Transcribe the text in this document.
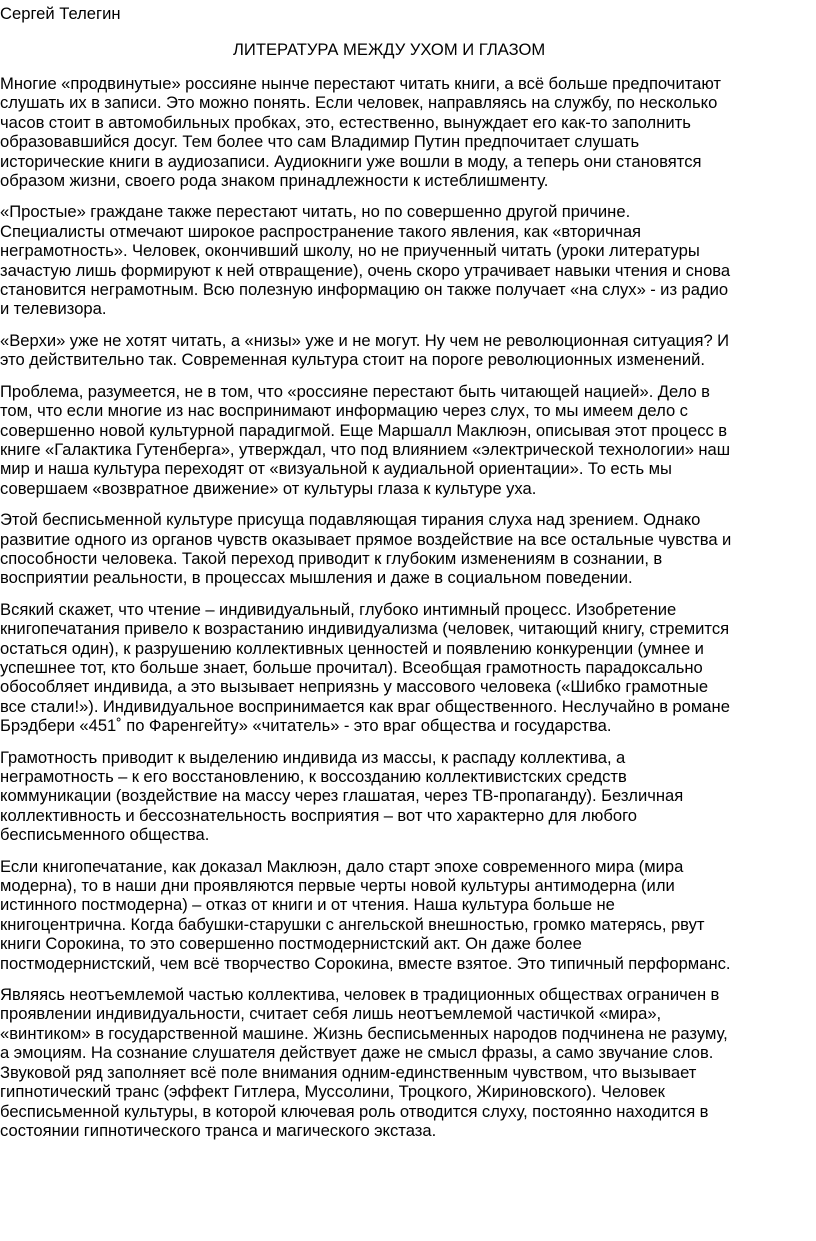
Сергей Телегин

ЛИТЕРАТУРА МЕЖДУ УХОМ И ГЛАЗОМ

Многие «продвинутые» россияне нынче перестают читать книги, а всё больше предпочитают
слушать их в записи. Это можно понять. Если человек, направляясь на службу, по несколько
часов стоит в автомобильных пробках, это, естественно, вынуждает его как-то заполнить
образовавшийся досуг. Тем более что сам Владимир Путин предпочитает слушать
исторические книги в аудиозаписи. Аудиокниги уже вошли в моду, а теперь они становятся
образом жизни, своего рода знаком принадлежности к истеблишменту.

«Простые» граждане также перестают читать, но по совершенно другой причине.
Специалисты отмечают широкое распространение такого явления, как «вторичная
неграмотность». Человек, окончивший школу, но не приученный читать (уроки литературы
зачастую лишь формируют к ней отвращение), очень скоро утрачивает навыки чтения и снова
становится неграмотным. Всю полезную информацию он также получает «на слух» - из радио
и телевизора.

«Верхи» уже не хотят читать, а «низы» уже и не могут. Ну чем не революционная ситуация? И
это действительно так. Современная культура стоит на пороге революционных изменений.

Проблема, разумеется, не в том, что «россияне перестают быть читающей нацией». Дело в
том, что если многие из нас воспринимают информацию через слух, то мы имеем дело с
совершенно новой культурной парадигмой. Еще Маршалл Маклюэн, описывая этот процесс в
книге «Галактика Гутенберга», утверждал, что под влиянием «электрической технологии» наш
мир и наша культура переходят от «визуальной к аудиальной ориентации». То есть мы
совершаем «возвратное движение» от культуры глаза к культуре уха.

Этой бесписьменной культуре присуща подавляющая тирания слуха над зрением. Однако
развитие одного из органов чувств оказывает прямое воздействие на все остальные чувства и
способности человека. Такой переход приводит к глубоким изменениям в сознании, в
восприятии реальности, в процессах мышления и даже в социальном поведении.

Всякий скажет, что чтение – индивидуальный, глубоко интимный процесс. Изобретение
книгопечатания привело к возрастанию индивидуализма (человек, читающий книгу, стремится
остаться один), к разрушению коллективных ценностей и появлению конкуренции (умнее и
успешнее тот, кто больше знает, больше прочитал). Всеобщая грамотность парадоксально
обособляет индивида, а это вызывает неприязнь у массового человека («Шибко грамотные
все стали!»). Индивидуальное воспринимается как враг общественного. Неслучайно в романе
Брэдбери «451˚ по Фаренгейту» «читатель» - это враг общества и государства.

Грамотность приводит к выделению индивида из массы, к распаду коллектива, а
неграмотность – к его восстановлению, к воссозданию коллективистских средств
коммуникации (воздействие на массу через глашатая, через ТВ-пропаганду). Безличная
коллективность и бессознательность восприятия – вот что характерно для любого
бесписьменного общества.

Если книгопечатание, как доказал Маклюэн, дало старт эпохе современного мира (мира
модерна), то в наши дни проявляются первые черты новой культуры антимодерна (или
истинного постмодерна) – отказ от книги и от чтения. Наша культура больше не
книгоцентрична. Когда бабушки-старушки с ангельской внешностью, громко матерясь, рвут
книги Сорокина, то это совершенно постмодернистский акт. Он даже более
постмодернистский, чем всё творчество Сорокина, вместе взятое. Это типичный перформанс.

Являясь неотъемлемой частью коллектива, человек в традиционных обществах ограничен в
проявлении индивидуальности, считает себя лишь неотъемлемой частичкой «мира»,
«винтиком» в государственной машине. Жизнь бесписьменных народов подчинена не разуму,
а эмоциям. На сознание слушателя действует даже не смысл фразы, а само звучание слов.
Звуковой ряд заполняет всё поле внимания одним-единственным чувством, что вызывает
гипнотический транс (эффект Гитлера, Муссолини, Троцкого, Жириновского). Человек
бесписьменной культуры, в которой ключевая роль отводится слуху, постоянно находится в
состоянии гипнотического транса и магического экстаза.
